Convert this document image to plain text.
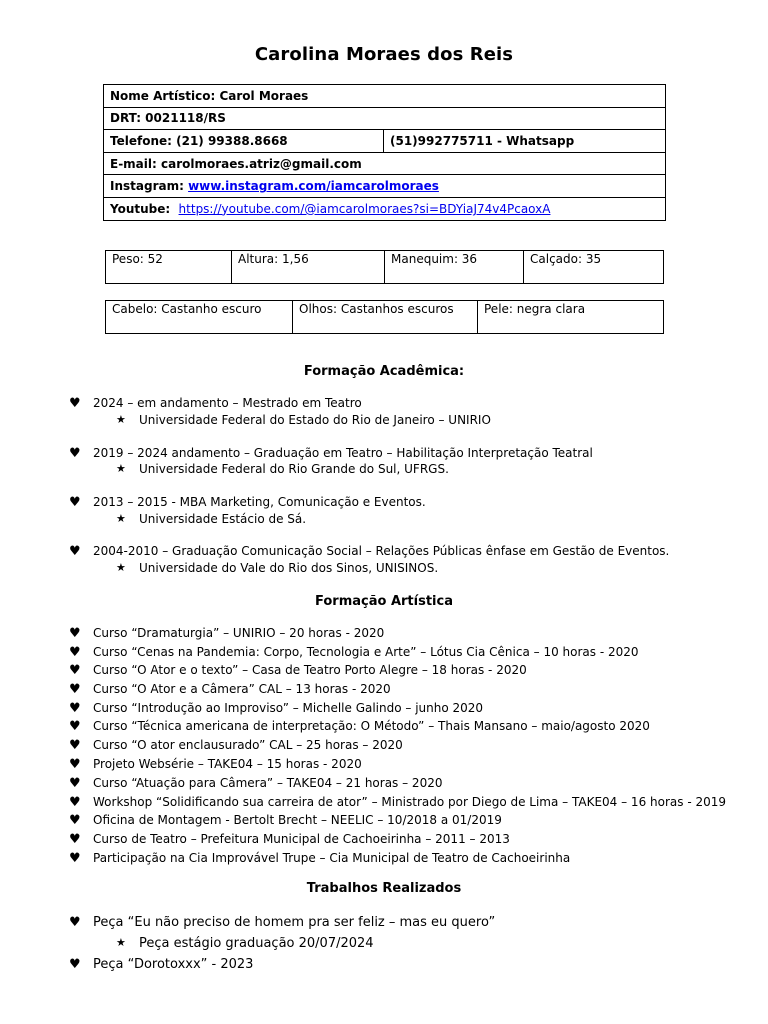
Carolina Moraes dos Reis
Nome Artístico: Carol Moraes
DRT: 0021118/RS
Telefone: (21) 99388.8668	(51)992775711 - Whatsapp
E-mail: carolmoraes.atriz@gmail.com
Instagram: www.instagram.com/iamcarolmoraes
Youtube: https://youtube.com/@iamcarolmoraes?si=BDYiaJ74v4PcaoxA
Peso: 52	Altura: 1,56	Manequim: 36	Calçado: 35
Cabelo: Castanho escuro	Olhos: Castanhos escuros	Pele: negra clara
Formação Acadêmica:
♥ 2024 – em andamento – Mestrado em Teatro
★ Universidade Federal do Estado do Rio de Janeiro – UNIRIO
♥ 2019 – 2024 andamento – Graduação em Teatro – Habilitação Interpretação Teatral
★ Universidade Federal do Rio Grande do Sul, UFRGS.
♥ 2013 – 2015 - MBA Marketing, Comunicação e Eventos.
★ Universidade Estácio de Sá.
♥ 2004-2010 – Graduação Comunicação Social – Relações Públicas ênfase em Gestão de Eventos.
★ Universidade do Vale do Rio dos Sinos, UNISINOS.
Formação Artística
♥ Curso “Dramaturgia” – UNIRIO – 20 horas - 2020
♥ Curso “Cenas na Pandemia: Corpo, Tecnologia e Arte” – Lótus Cia Cênica – 10 horas - 2020
♥ Curso “O Ator e o texto” – Casa de Teatro Porto Alegre – 18 horas - 2020
♥ Curso “O Ator e a Câmera” CAL – 13 horas - 2020
♥ Curso “Introdução ao Improviso” – Michelle Galindo – junho 2020
♥ Curso “Técnica americana de interpretação: O Método” – Thais Mansano – maio/agosto 2020
♥ Curso “O ator enclausurado” CAL – 25 horas – 2020
♥ Projeto Websérie – TAKE04 – 15 horas - 2020
♥ Curso “Atuação para Câmera” – TAKE04 – 21 horas – 2020
♥ Workshop “Solidificando sua carreira de ator” – Ministrado por Diego de Lima – TAKE04 – 16 horas - 2019
♥ Oficina de Montagem - Bertolt Brecht – NEELIC – 10/2018 a 01/2019
♥ Curso de Teatro – Prefeitura Municipal de Cachoeirinha – 2011 – 2013
♥ Participação na Cia Improvável Trupe – Cia Municipal de Teatro de Cachoeirinha
Trabalhos Realizados
♥ Peça “Eu não preciso de homem pra ser feliz – mas eu quero”
★ Peça estágio graduação 20/07/2024
♥ Peça “Dorotoxxx” - 2023
